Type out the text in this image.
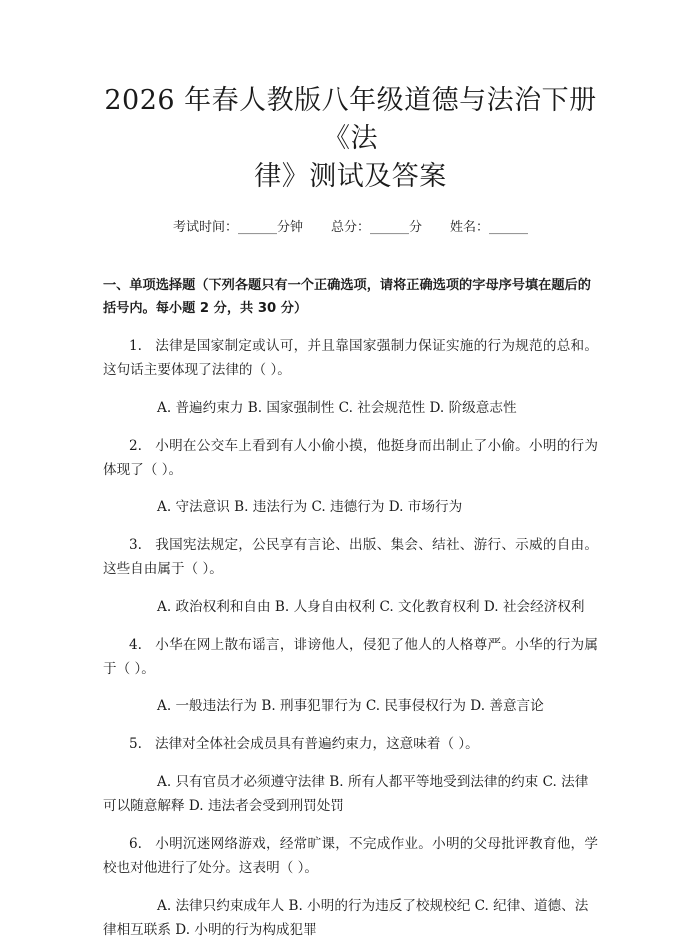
2026 年春人教版八年级道德与法治下册《法
律》测试及答案
考试时间：______分钟 总分：______分 姓名：______
一、单项选择题（下列各题只有一个正确选项，请将正确选项的字母序号填在题后的括号内。每小题 2 分，共 30 分）

1. 法律是国家制定或认可，并且靠国家强制力保证实施的行为规范的总和。这句话主要体现了法律的（ ）。

A. 普遍约束力 B. 国家强制性 C. 社会规范性 D. 阶级意志性

2. 小明在公交车上看到有人小偷小摸，他挺身而出制止了小偷。小明的行为体现了（ ）。

A. 守法意识 B. 违法行为 C. 违德行为 D. 市场行为

3. 我国宪法规定，公民享有言论、出版、集会、结社、游行、示威的自由。这些自由属于（ ）。

A. 政治权利和自由 B. 人身自由权利 C. 文化教育权利 D. 社会经济权利

4. 小华在网上散布谣言，诽谤他人，侵犯了他人的人格尊严。小华的行为属于（ ）。

A. 一般违法行为 B. 刑事犯罪行为 C. 民事侵权行为 D. 善意言论

5. 法律对全体社会成员具有普遍约束力，这意味着（ ）。

A. 只有官员才必须遵守法律 B. 所有人都平等地受到法律的约束 C. 法律可以随意解释 D. 违法者会受到刑罚处罚

6. 小明沉迷网络游戏，经常旷课，不完成作业。小明的父母批评教育他，学校也对他进行了处分。这表明（ ）。

A. 法律只约束成年人 B. 小明的行为违反了校规校纪 C. 纪律、道德、法律相互联系 D. 小明的行为构成犯罪
